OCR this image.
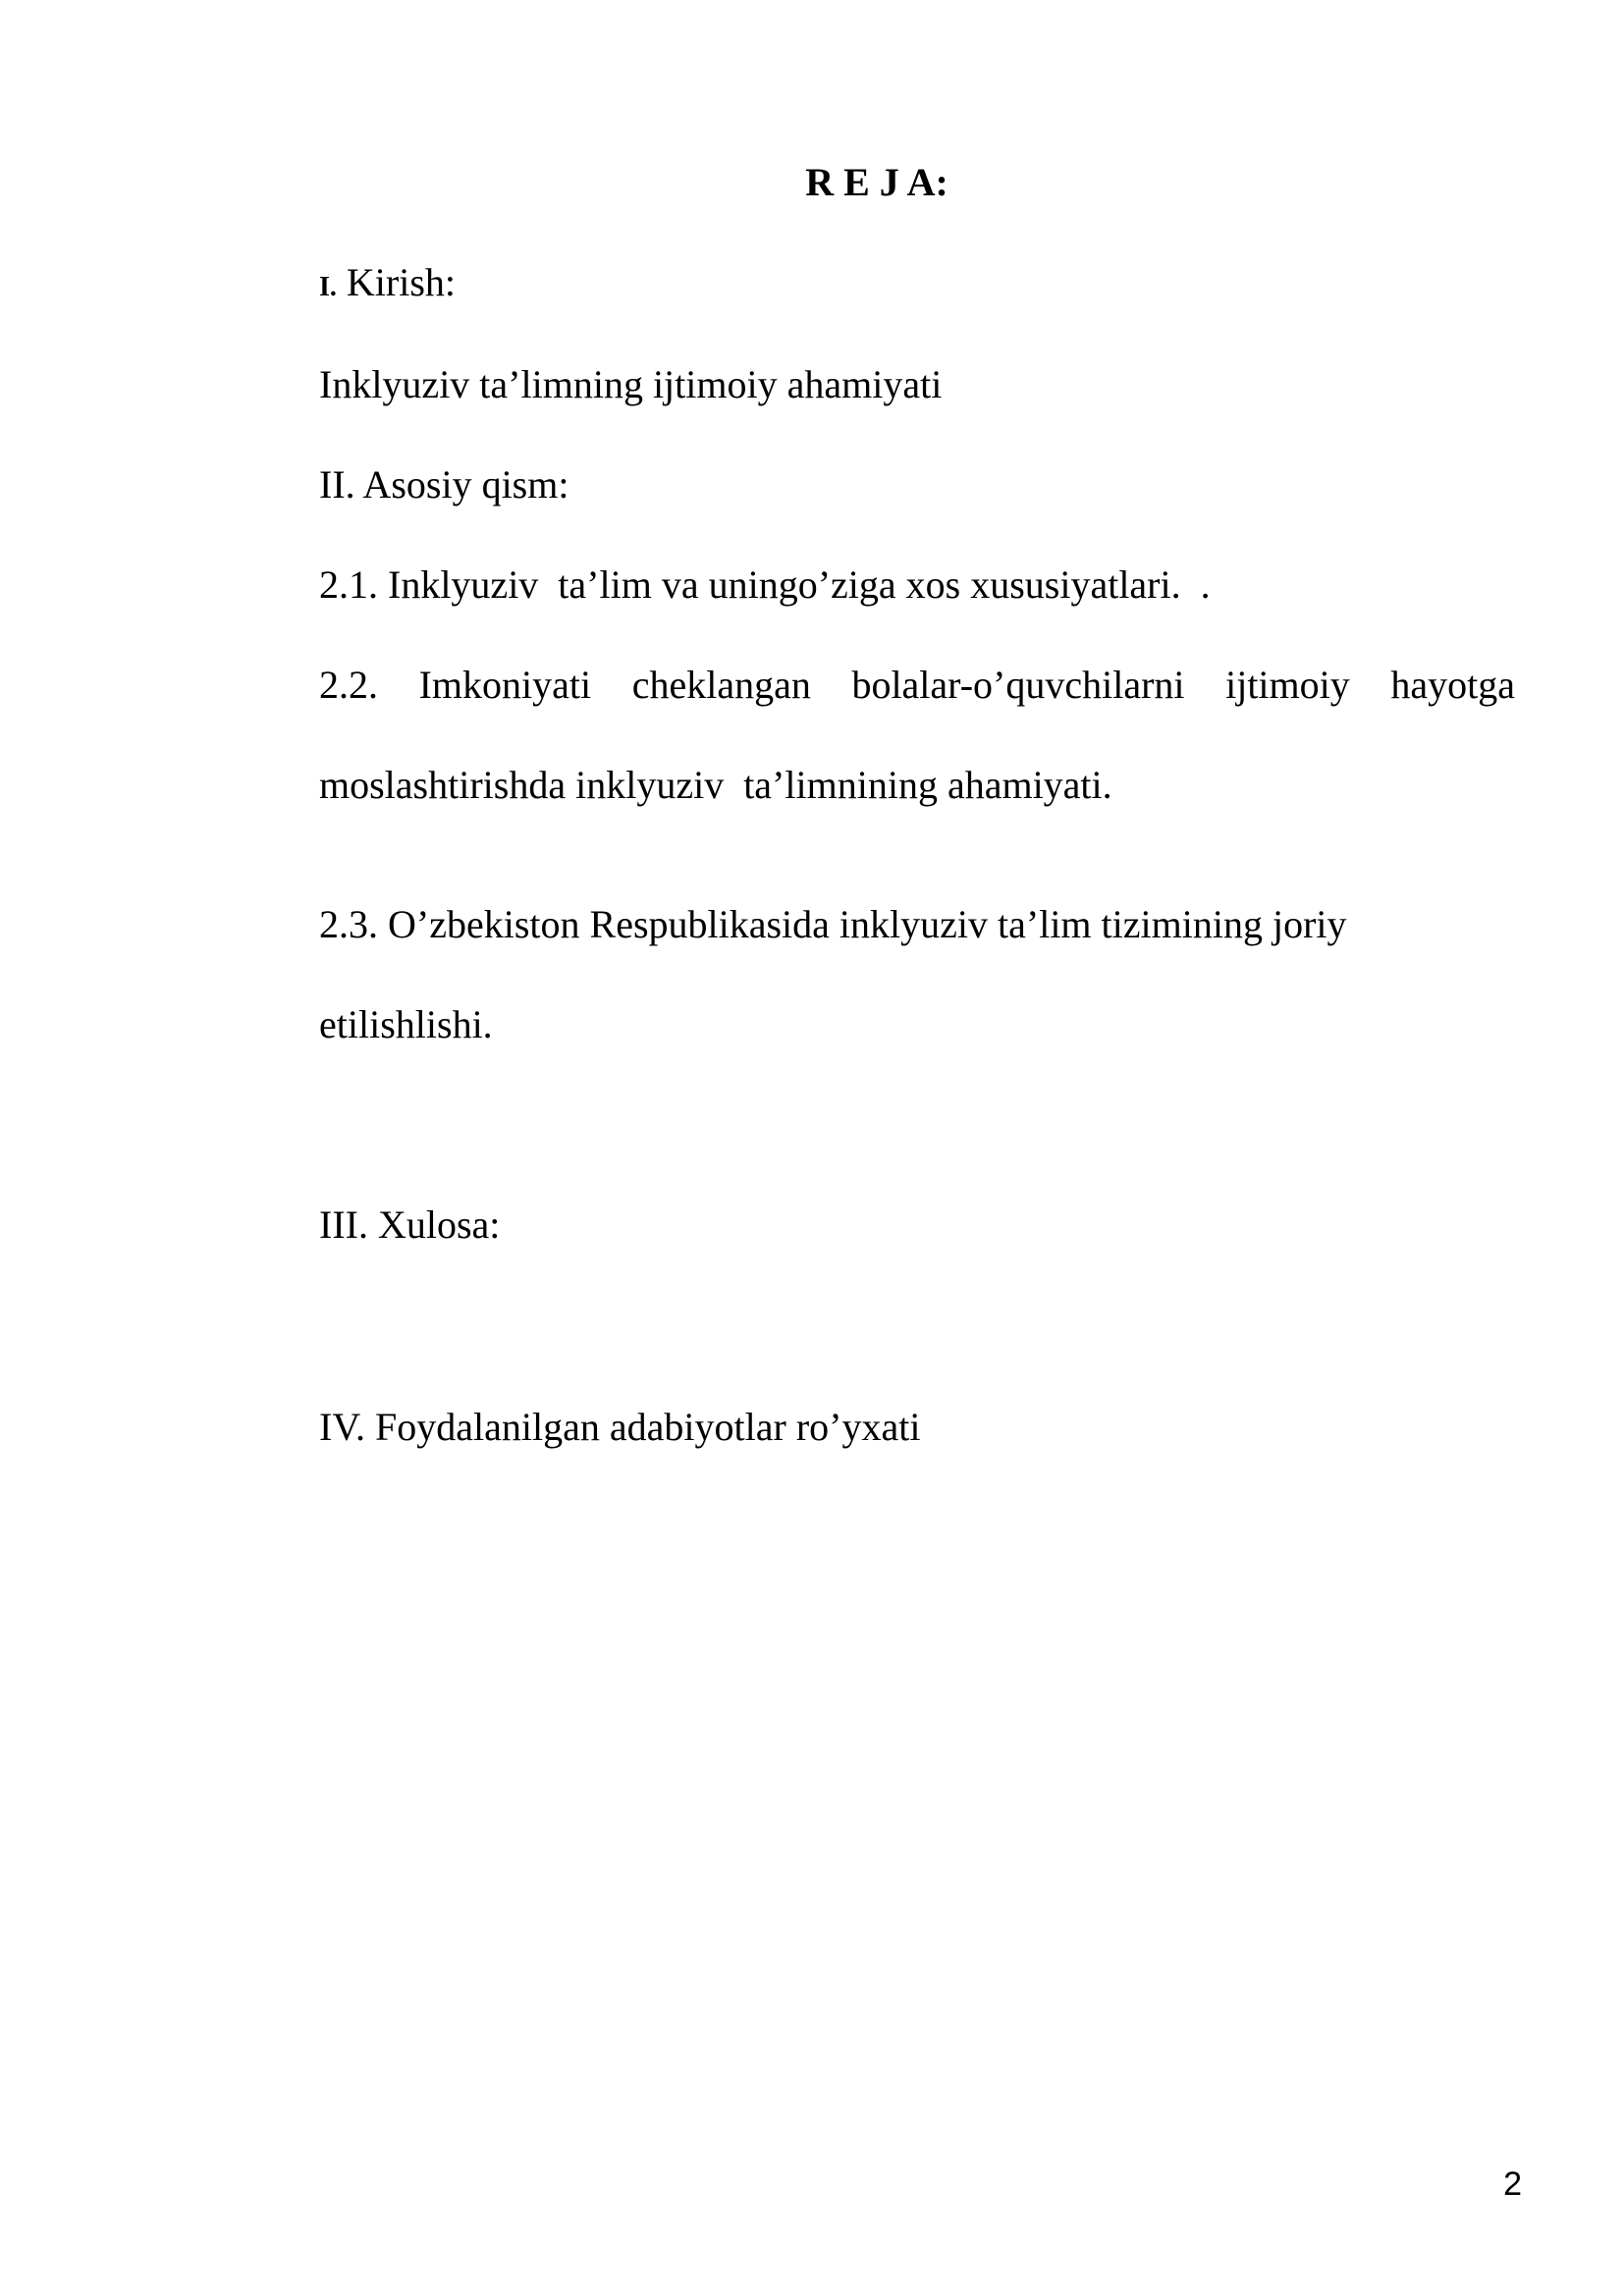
R E J A:
I. Kirish:
Inklyuziv ta’limning ijtimoiy ahamiyati
II. Asosiy qism:
2.1. Inklyuziv  ta’lim va uningo’ziga xos xususiyatlari.  .
2.2. Imkoniyati cheklangan bolalar-o’quvchilarni ijtimoiy hayotga
moslashtirishda inklyuziv  ta’limnining ahamiyati.
2.3. O’zbekiston Respublikasida inklyuziv ta’lim tizimining joriy
etilishlishi.
III. Xulosa:
IV. Foydalanilgan adabiyotlar ro’yxati
2
